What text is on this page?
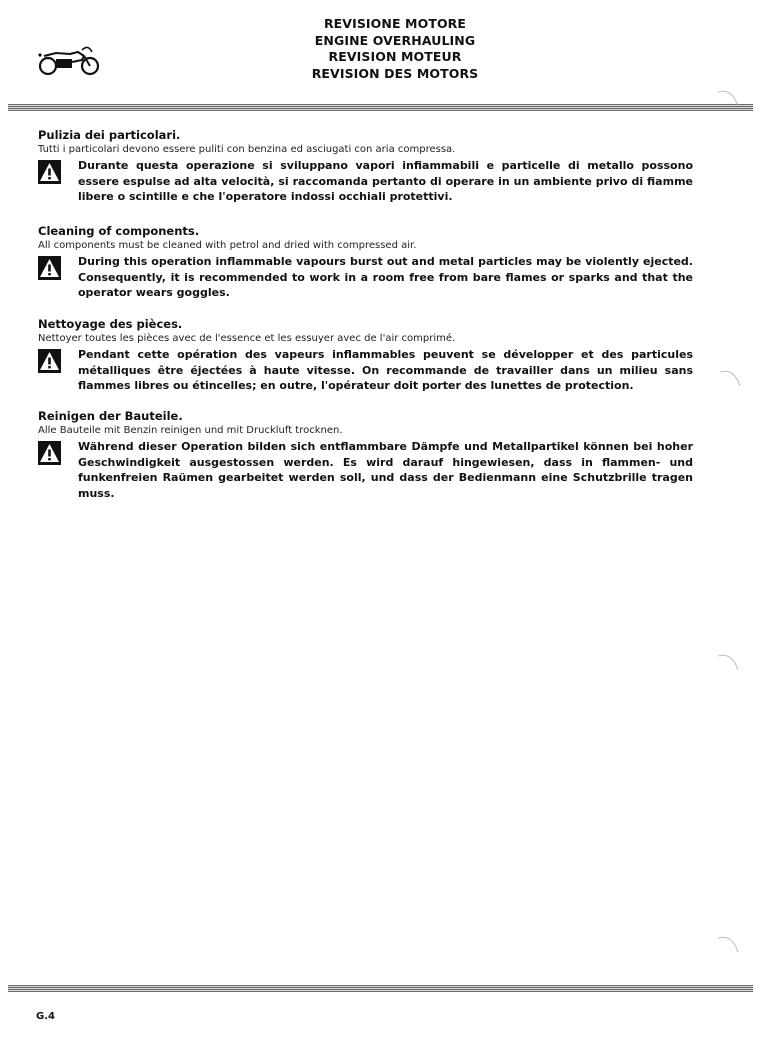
REVISIONE MOTORE
ENGINE OVERHAULING
REVISION MOTEUR
REVISION DES MOTORS
Pulizia dei particolari.
Tutti i particolari devono essere puliti con benzina ed asciugati con aria compressa.
Durante questa operazione si sviluppano vapori infiammabili e particelle di metallo possono essere espulse ad alta velocità, si raccomanda pertanto di operare in un ambiente privo di fiamme libere o scintille e che l'operatore indossi occhiali protettivi.
Cleaning of components.
All components must be cleaned with petrol and dried with compressed air.
During this operation inflammable vapours burst out and metal particles may be violently ejected. Consequently, it is recommended to work in a room free from bare flames or sparks and that the operator wears goggles.
Nettoyage des pièces.
Nettoyer toutes les pièces avec de l'essence et les essuyer avec de l'air comprimé.
Pendant cette opération des vapeurs inflammables peuvent se développer et des particules métalliques être éjectées à haute vitesse. On recommande de travailler dans un milieu sans flammes libres ou étincelles; en outre, l'opérateur doit porter des lunettes de protection.
Reinigen der Bauteile.
Alle Bauteile mit Benzin reinigen und mit Druckluft trocknen.
Während dieser Operation bilden sich entflammbare Dämpfe und Metallpartikel können bei hoher Geschwindigkeit ausgestossen werden. Es wird darauf hingewiesen, dass in flammen- und funkenfreien Raümen gearbeitet werden soll, und dass der Bedienmann eine Schutzbrille tragen muss.
G.4
